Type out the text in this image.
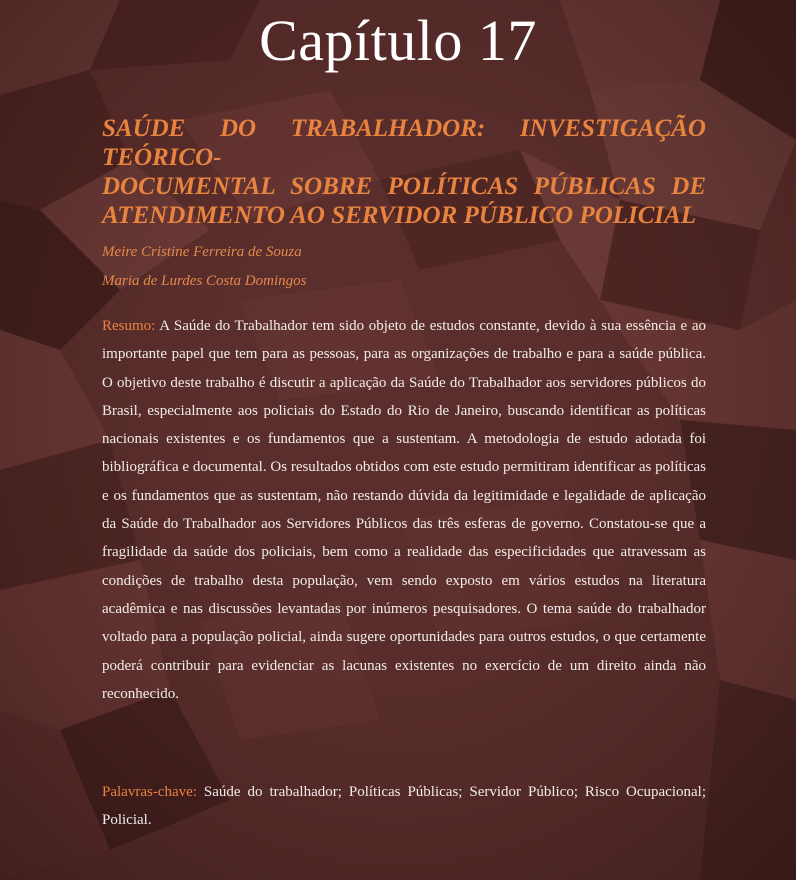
Capítulo 17
SAÚDE DO TRABALHADOR: INVESTIGAÇÃO TEÓRICO-
DOCUMENTAL SOBRE POLÍTICAS PÚBLICAS DE
ATENDIMENTO AO SERVIDOR PÚBLICO POLICIAL
Meire Cristine Ferreira de Souza
Maria de Lurdes Costa Domingos

Resumo: A Saúde do Trabalhador tem sido objeto de estudos constante, devido à sua essência e ao importante papel que tem para as pessoas, para as organizações de trabalho e para a saúde pública. O objetivo deste trabalho é discutir a aplicação da Saúde do Trabalhador aos servidores públicos do Brasil, especialmente aos policiais do Estado do Rio de Janeiro, buscando identificar as políticas nacionais existentes e os fundamentos que a sustentam. A metodologia de estudo adotada foi bibliográfica e documental. Os resultados obtidos com este estudo permitiram identificar as políticas e os fundamentos que as sustentam, não restando dúvida da legitimidade e legalidade de aplicação da Saúde do Trabalhador aos Servidores Públicos das três esferas de governo. Constatou-se que a fragilidade da saúde dos policiais, bem como a realidade das especificidades que atravessam as condições de trabalho desta população, vem sendo exposto em vários estudos na literatura acadêmica e nas discussões levantadas por inúmeros pesquisadores. O tema saúde do trabalhador voltado para a população policial, ainda sugere oportunidades para outros estudos, o que certamente poderá contribuir para evidenciar as lacunas existentes no exercício de um direito ainda não reconhecido.

Palavras-chave: Saúde do trabalhador; Políticas Públicas; Servidor Público; Risco Ocupacional; Policial.
